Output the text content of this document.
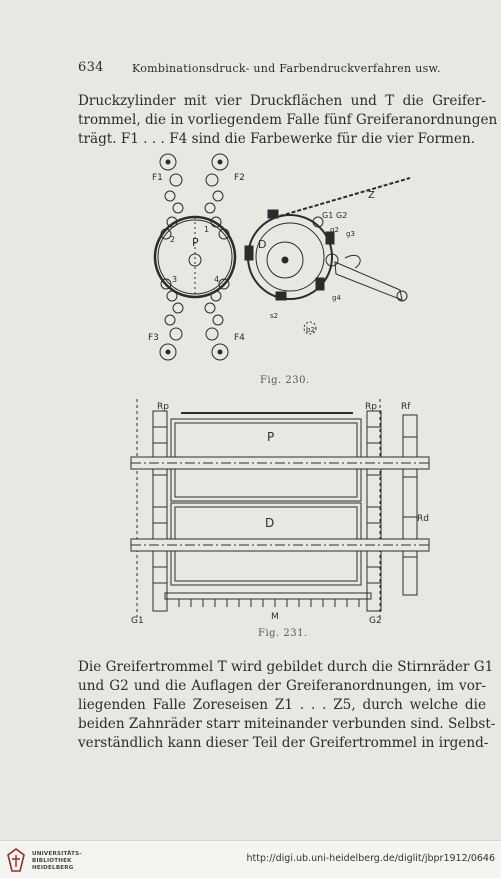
634	Kombinationsdruck- und Farbendruckverfahren usw.
Druckzylinder mit vier Druckflächen und T die Greifer-
trommel, die in vorliegendem Falle fünf Greiferanordnungen
trägt. F1 . . . F4 sind die Farbewerke für die vier Formen.
F1	F2
F3	F4
P	D
Z
G1 G2
g2 g3
g4
s2
b2
1
2
3	4
Fig. 230.
Rp	Rp	Rf
Rd
P
D
M
G1	G2
Fig. 231.
Die Greifertrommel T wird gebildet durch die Stirnräder G1
und G2 und die Auflagen der Greiferanordnungen, im vor-
liegenden Falle Zoreseisen Z1 . . . Z5, durch welche die
beiden Zahnräder starr miteinander verbunden sind. Selbst-
verständlich kann dieser Teil der Greifertrommel in irgend-
UNIVERSITÄTS-
BIBLIOTHEK
HEIDELBERG
http://digi.ub.uni-heidelberg.de/diglit/jbpr1912/0646
